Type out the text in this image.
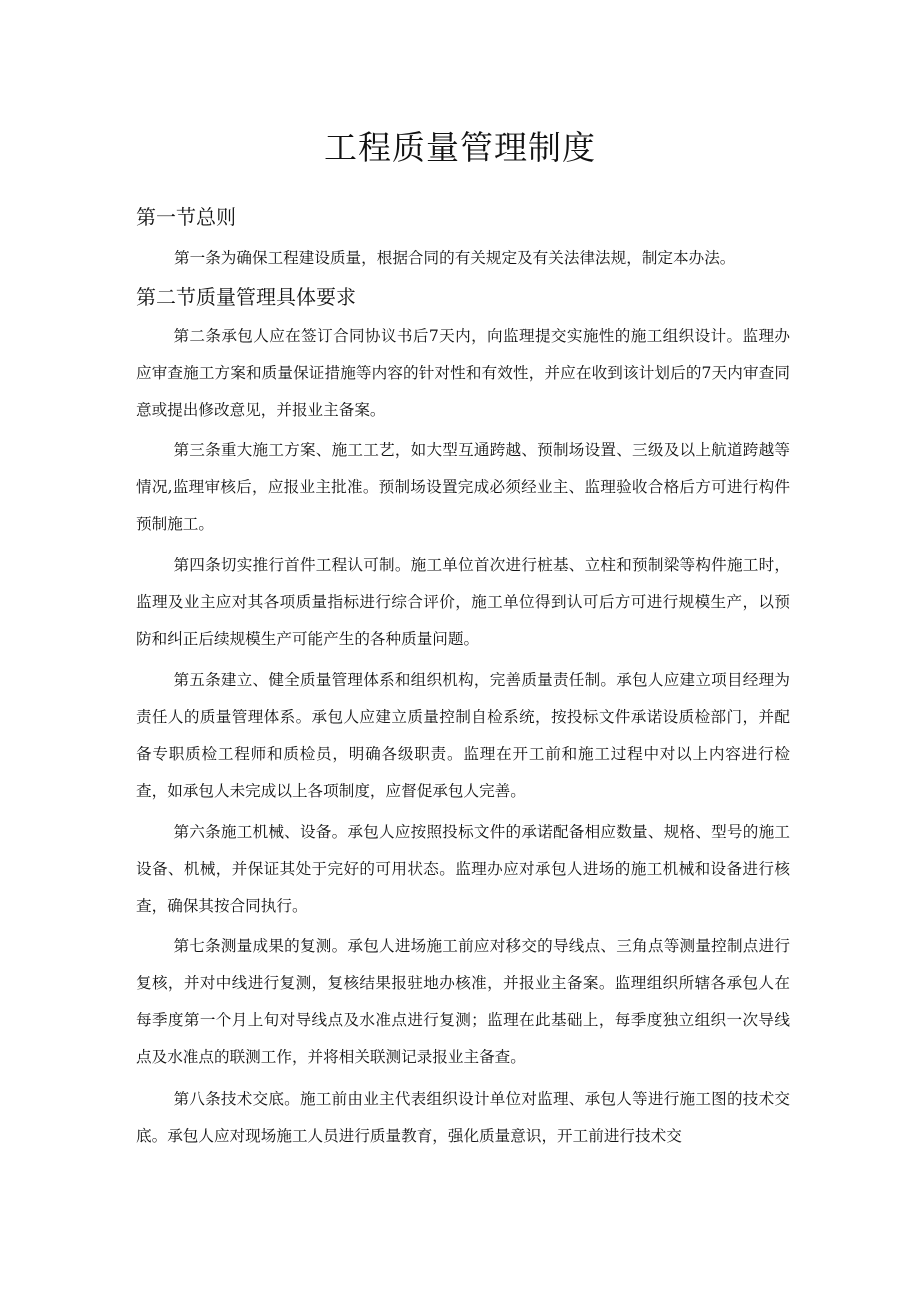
工程质量管理制度
第一节总则

第一条为确保工程建设质量，根据合同的有关规定及有关法律法规，制定本办法。

第二节质量管理具体要求

第二条承包人应在签订合同协议书后7天内，向监理提交实施性的施工组织设计。监理办应审查施工方案和质量保证措施等内容的针对性和有效性，并应在收到该计划后的7天内审查同意或提出修改意见，并报业主备案。

第三条重大施工方案、施工工艺，如大型互通跨越、预制场设置、三级及以上航道跨越等情况,监理审核后，应报业主批准。预制场设置完成必须经业主、监理验收合格后方可进行构件预制施工。

第四条切实推行首件工程认可制。施工单位首次进行桩基、立柱和预制梁等构件施工时，监理及业主应对其各项质量指标进行综合评价，施工单位得到认可后方可进行规模生产，以预防和纠正后续规模生产可能产生的各种质量问题。

第五条建立、健全质量管理体系和组织机构，完善质量责任制。承包人应建立项目经理为责任人的质量管理体系。承包人应建立质量控制自检系统，按投标文件承诺设质检部门，并配备专职质检工程师和质检员，明确各级职责。监理在开工前和施工过程中对以上内容进行检查，如承包人未完成以上各项制度，应督促承包人完善。

第六条施工机械、设备。承包人应按照投标文件的承诺配备相应数量、规格、型号的施工设备、机械，并保证其处于完好的可用状态。监理办应对承包人进场的施工机械和设备进行核查，确保其按合同执行。

第七条测量成果的复测。承包人进场施工前应对移交的导线点、三角点等测量控制点进行复核，并对中线进行复测，复核结果报驻地办核准，并报业主备案。监理组织所辖各承包人在每季度第一个月上旬对导线点及水准点进行复测；监理在此基础上，每季度独立组织一次导线点及水准点的联测工作，并将相关联测记录报业主备查。

第八条技术交底。施工前由业主代表组织设计单位对监理、承包人等进行施工图的技术交底。承包人应对现场施工人员进行质量教育，强化质量意识，开工前进行技术交
